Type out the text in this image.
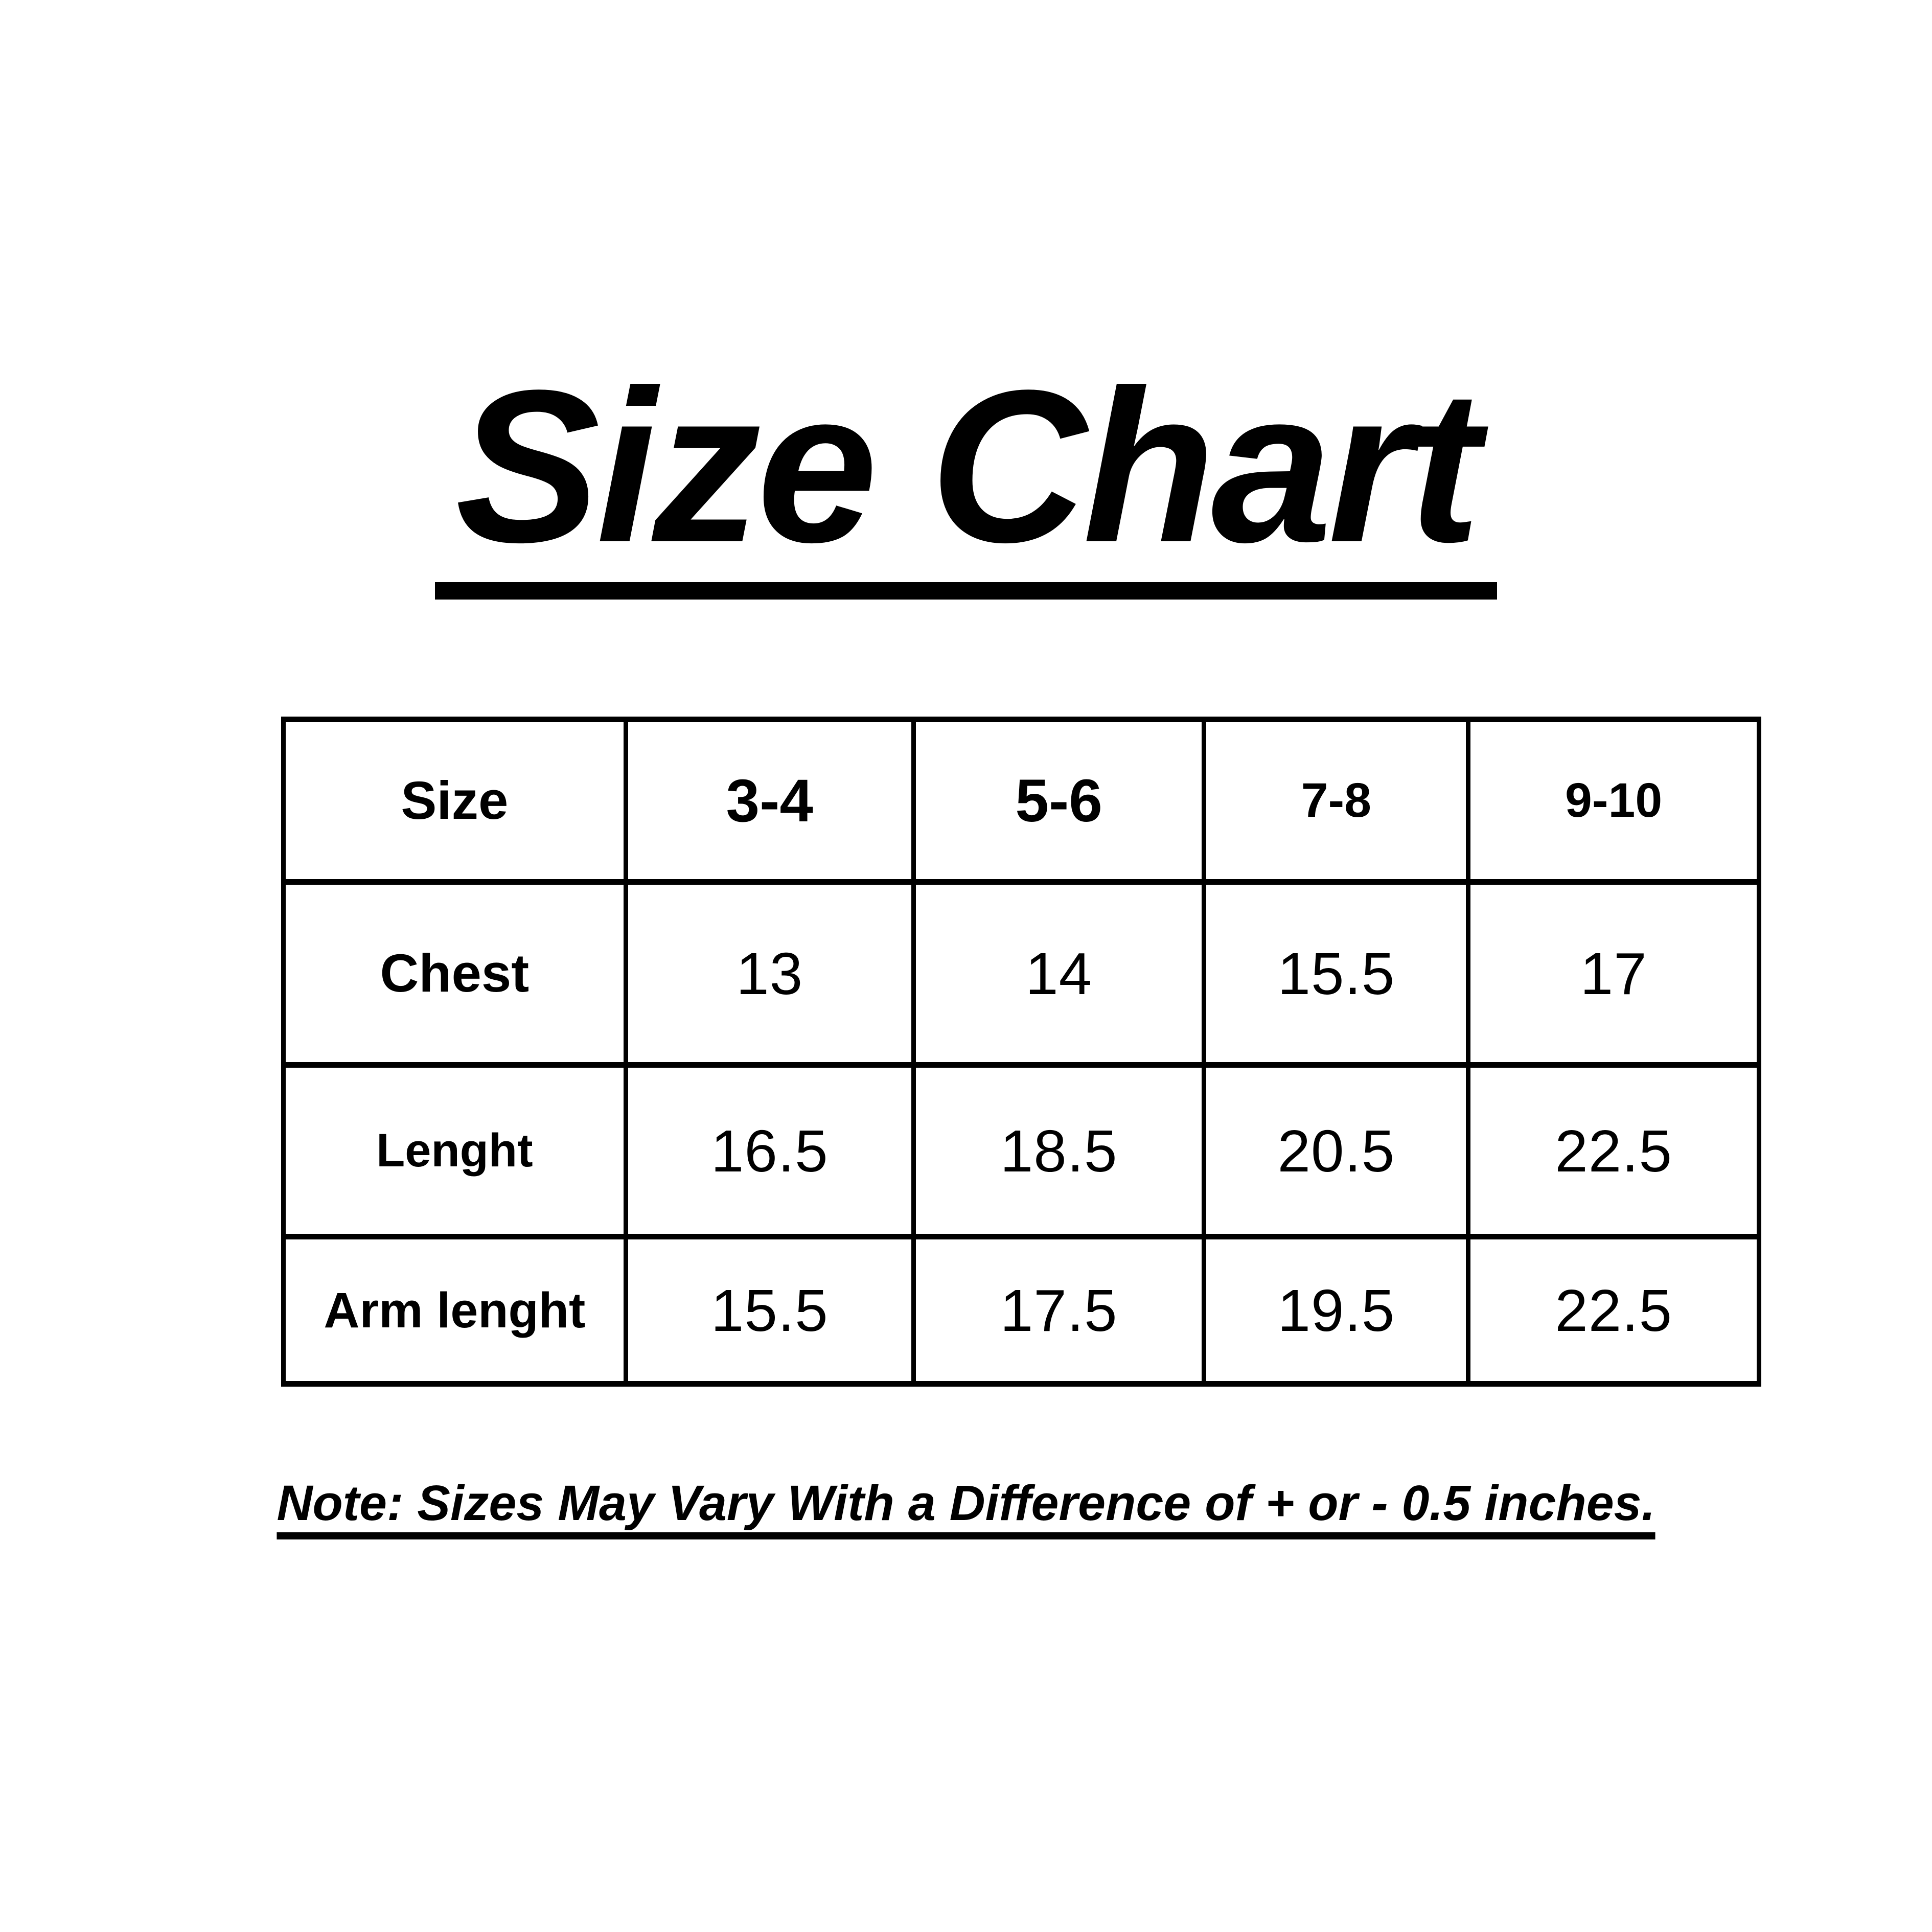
Size Chart
Size	3-4	5-6	7-8	9-10
Chest	13	14	15.5	17
Lenght	16.5	18.5	20.5	22.5
Arm lenght	15.5	17.5	19.5	22.5
Note: Sizes May Vary With a Difference of + or - 0.5 inches.
